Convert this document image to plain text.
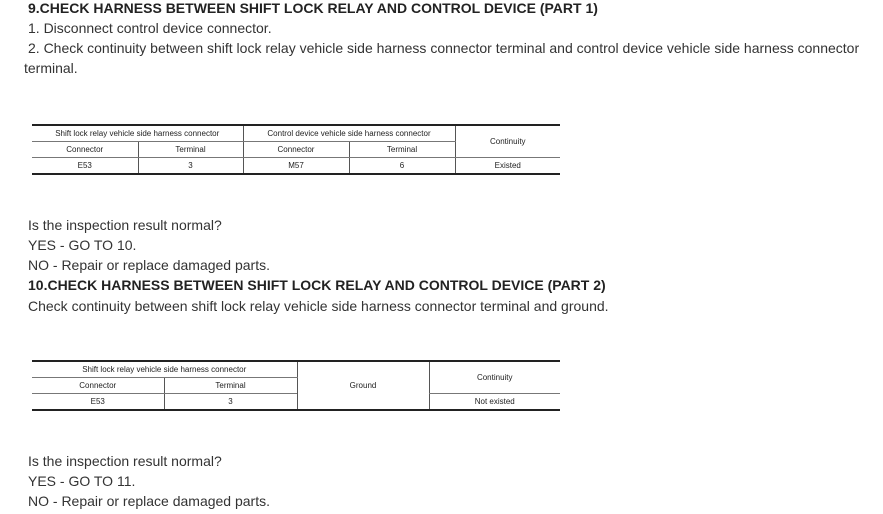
9.CHECK HARNESS BETWEEN SHIFT LOCK RELAY AND CONTROL DEVICE (PART 1)
1. Disconnect control device connector.
2. Check continuity between shift lock relay vehicle side harness connector terminal and control device vehicle side harness connector
terminal.
Shift lock relay vehicle side harness connector		Control device vehicle side harness connector		Continuity
Connector	Terminal	Connector	Terminal	
E53	3	M57	6	Existed
Is the inspection result normal?
YES - GO TO 10.
NO - Repair or replace damaged parts.
10.CHECK HARNESS BETWEEN SHIFT LOCK RELAY AND CONTROL DEVICE (PART 2)
Check continuity between shift lock relay vehicle side harness connector terminal and ground.
Shift lock relay vehicle side harness connector		Ground	Continuity
Connector	Terminal		
E53	3		Not existed
Is the inspection result normal?
YES - GO TO 11.
NO - Repair or replace damaged parts.
